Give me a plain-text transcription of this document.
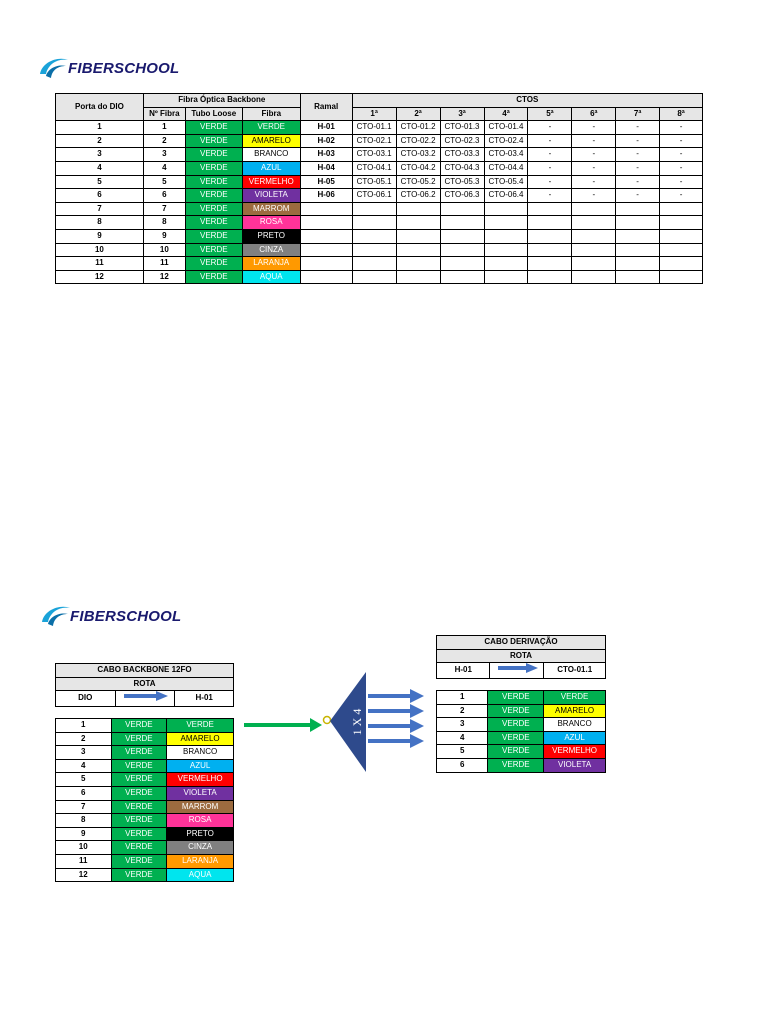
FIBERSCHOOL
Porta do DIO	Fibra Óptica Backbone			Ramal	CTOS							
	Nº Fibra	Tubo Loose	Fibra		1ª	2ª	3ª	4ª	5ª	6ª	7ª	8ª
1	1	VERDE	VERDE	H-01	CTO-01.1	CTO-01.2	CTO-01.3	CTO-01.4	-	-	-	-
2	2	VERDE	AMARELO	H-02	CTO-02.1	CTO-02.2	CTO-02.3	CTO-02.4	-	-	-	-
3	3	VERDE	BRANCO	H-03	CTO-03.1	CTO-03.2	CTO-03.3	CTO-03.4	-	-	-	-
4	4	VERDE	AZUL	H-04	CTO-04.1	CTO-04.2	CTO-04.3	CTO-04.4	-	-	-	-
5	5	VERDE	VERMELHO	H-05	CTO-05.1	CTO-05.2	CTO-05.3	CTO-05.4	-	-	-	-
6	6	VERDE	VIOLETA	H-06	CTO-06.1	CTO-06.2	CTO-06.3	CTO-06.4	-	-	-	-
7	7	VERDE	MARROM									
8	8	VERDE	ROSA									
9	9	VERDE	PRETO									
10	10	VERDE	CINZA									
11	11	VERDE	LARANJA									
12	12	VERDE	AQUA									
FIBERSCHOOL
CABO BACKBONE 12FO
ROTA
DIO		H-01
1	VERDE	VERDE
2	VERDE	AMARELO
3	VERDE	BRANCO
4	VERDE	AZUL
5	VERDE	VERMELHO
6	VERDE	VIOLETA
7	VERDE	MARROM
8	VERDE	ROSA
9	VERDE	PRETO
10	VERDE	CINZA
11	VERDE	LARANJA
12	VERDE	AQUA
CABO DERIVAÇÃO
ROTA
H-01		CTO-01.1
1	VERDE	VERDE
2	VERDE	AMARELO
3	VERDE	BRANCO
4	VERDE	AZUL
5	VERDE	VERMELHO
6	VERDE	VIOLETA
1 X 4
